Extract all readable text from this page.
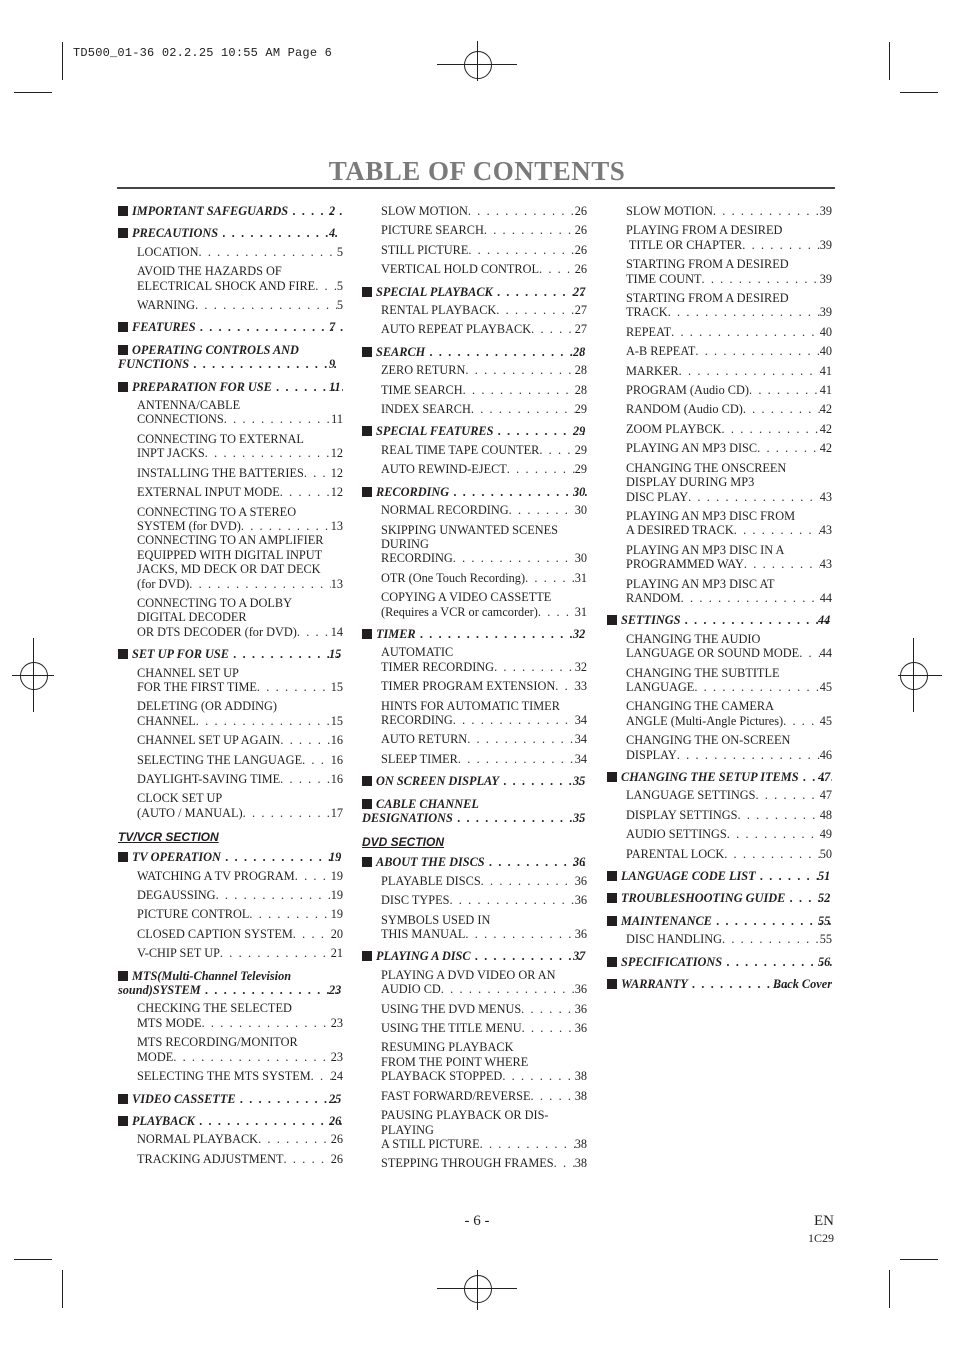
TD500_01-36 02.2.25 10:55 AM Page 6
TABLE OF CONTENTS
IMPORTANT SAFEGUARDS . . .	2
PRECAUTIONS . . .	4
LOCATION . . .	5
AVOID THE HAZARDS OF
ELECTRICAL SHOCK AND FIRE . . . 5
WARNING . . .	5
FEATURES . . .	7
OPERATING CONTROLS AND
FUNCTIONS . . .	9
PREPARATION FOR USE . . .	11
ANTENNA/CABLE
CONNECTIONS . . .	11
CONNECTING TO EXTERNAL
INPT JACKS . . .	12
INSTALLING THE BATTERIES . . . 12
EXTERNAL INPUT MODE . . .	12
CONNECTING TO A STEREO
SYSTEM (for DVD) . . .	13
CONNECTING TO AN AMPLIFIER
EQUIPPED WITH DIGITAL INPUT
JACKS, MD DECK OR DAT DECK
(for DVD) . . .	13
CONNECTING TO A DOLBY
DIGITAL DECODER
OR DTS DECODER (for DVD) . . .	14
SET UP FOR USE . . .	15
CHANNEL SET UP
FOR THE FIRST TIME . . .	15
DELETING (OR ADDING)
CHANNEL . . .	15
CHANNEL SET UP AGAIN . . .	16
SELECTING THE LANGUAGE . . . 16
DAYLIGHT-SAVING TIME . . .	16
CLOCK SET UP
(AUTO / MANUAL) . . .	17
TV/VCR SECTION
TV OPERATION . . .	19
WATCHING A TV PROGRAM . . .	19
DEGAUSSING . . .	19
PICTURE CONTROL . . .	19
CLOSED CAPTION SYSTEM . . .	20
V-CHIP SET UP . . .	21
MTS(Multi-Channel Television
sound)SYSTEM . . .	23
CHECKING THE SELECTED
MTS MODE . . .	23
MTS RECORDING/MONITOR
MODE . . .	23
SELECTING THE MTS SYSTEM . . . 24
VIDEO CASSETTE . . .	25
PLAYBACK . . .	26
NORMAL PLAYBACK . . .	26
TRACKING ADJUSTMENT . . .	26
SLOW MOTION . . .	26
PICTURE SEARCH . . .	26
STILL PICTURE . . .	26
VERTICAL HOLD CONTROL . . .	26
SPECIAL PLAYBACK . . .	27
RENTAL PLAYBACK . . .	27
AUTO REPEAT PLAYBACK . . .	27
SEARCH . . .	28
ZERO RETURN . . .	28
TIME SEARCH . . .	28
INDEX SEARCH . . .	29
SPECIAL FEATURES . . .	29
REAL TIME TAPE COUNTER . . .	29
AUTO REWIND-EJECT . . .	29
RECORDING . . .	30
NORMAL RECORDING . . .	30
SKIPPING UNWANTED SCENES
DURING
RECORDING . . .	30
OTR (One Touch Recording) . . .	31
COPYING A VIDEO CASSETTE
(Requires a VCR or camcorder) . . .	31
TIMER . . .	32
AUTOMATIC
TIMER RECORDING . . .	32
TIMER PROGRAM EXTENSION . . . 33
HINTS FOR AUTOMATIC TIMER
RECORDING . . .	34
AUTO RETURN . . .	34
SLEEP TIMER . . .	34
ON SCREEN DISPLAY . . .	35
CABLE CHANNEL
DESIGNATIONS . . .	35
DVD SECTION
ABOUT THE DISCS . . .	36
PLAYABLE DISCS . . .	36
DISC TYPES . . .	36
SYMBOLS USED IN
THIS MANUAL . . .	36
PLAYING A DISC . . .	37
PLAYING A DVD VIDEO OR AN
AUDIO CD . . .	36
USING THE DVD MENUS . . .	36
USING THE TITLE MENU . . .	36
RESUMING PLAYBACK
FROM THE POINT WHERE
PLAYBACK STOPPED . . .	38
FAST FORWARD/REVERSE . . .	38
PAUSING PLAYBACK OR DIS-
PLAYING
A STILL PICTURE . . .	38
STEPPING THROUGH FRAMES . . . 38
SLOW MOTION . . .	39
PLAYING FROM A DESIRED
TITLE OR CHAPTER . . .	39
STARTING FROM A DESIRED
TIME COUNT . . .	39
STARTING FROM A DESIRED
TRACK . . .	39
REPEAT . . .	40
A-B REPEAT . . .	40
MARKER . . .	41
PROGRAM (Audio CD) . . .	41
RANDOM (Audio CD) . . .	42
ZOOM PLAYBCK . . .	42
PLAYING AN MP3 DISC . . .	42
CHANGING THE ONSCREEN
DISPLAY DURING MP3
DISC PLAY . . .	43
PLAYING AN MP3 DISC FROM
A DESIRED TRACK . . .	43
PLAYING AN MP3 DISC IN A
PROGRAMMED WAY . . .	43
PLAYING AN MP3 DISC AT
RANDOM . . .	44
SETTINGS . . .	44
CHANGING THE AUDIO
LANGUAGE OR SOUND MODE . . . 44
CHANGING THE SUBTITLE
LANGUAGE . . .	45
CHANGING THE CAMERA
ANGLE (Multi-Angle Pictures) . . .	45
CHANGING THE ON-SCREEN
DISPLAY . . .	46
CHANGING THE SETUP ITEMS . . . 47
LANGUAGE SETTINGS . . .	47
DISPLAY SETTINGS . . .	48
AUDIO SETTINGS . . .	49
PARENTAL LOCK . . .	50
LANGUAGE CODE LIST . . .	51
TROUBLESHOOTING GUIDE . . .	52
MAINTENANCE . . .	55
DISC HANDLING . . .	55
SPECIFICATIONS . . .	56
WARRANTY . . .	Back Cover
- 6 -	EN
1C29
